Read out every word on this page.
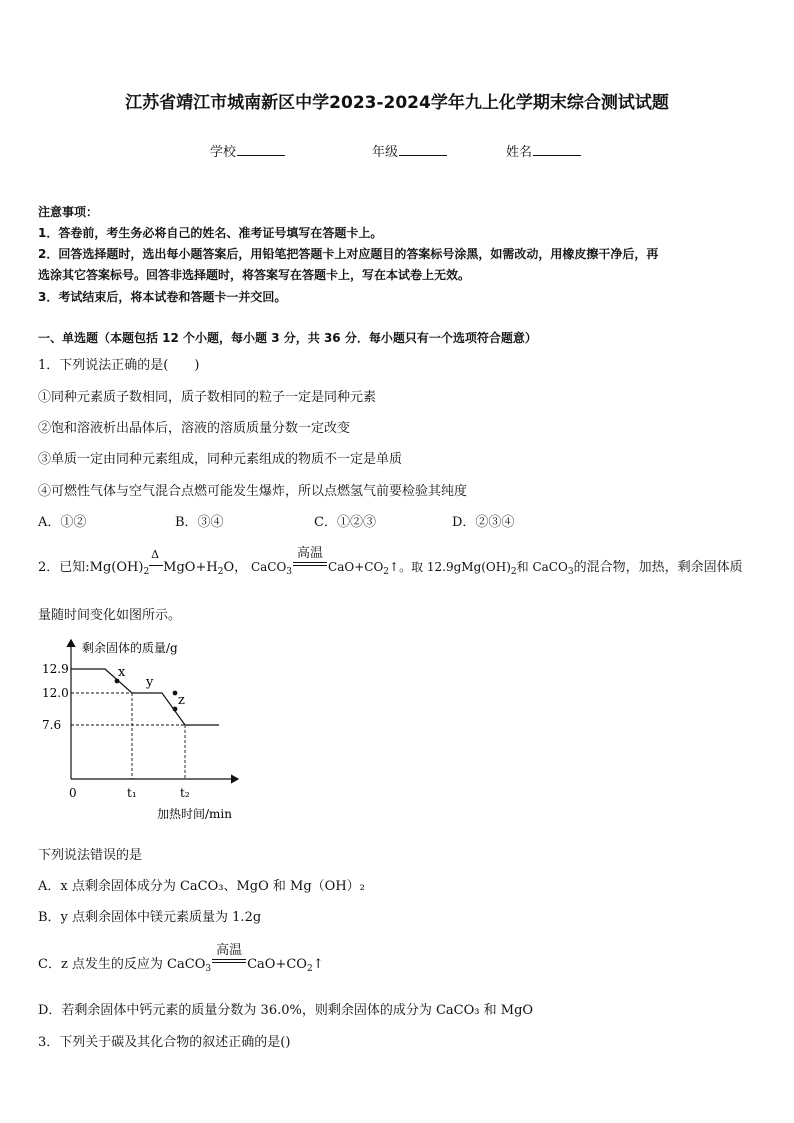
江苏省靖江市城南新区中学2023-2024学年九上化学期末综合测试试题
学校	年级	姓名
注意事项：
1．答卷前，考生务必将自己的姓名、准考证号填写在答题卡上。
2．回答选择题时，选出每小题答案后，用铅笔把答题卡上对应题目的答案标号涂黑，如需改动，用橡皮擦干净后，再
选涂其它答案标号。回答非选择题时，将答案写在答题卡上，写在本试卷上无效。
3．考试结束后，将本试卷和答题卡一并交回。
一、单选题（本题包括 12 个小题，每小题 3 分，共 36 分．每小题只有一个选项符合题意）
1．下列说法正确的是(　　)
①同种元素质子数相同，质子数相同的粒子一定是同种元素
②饱和溶液析出晶体后，溶液的溶质质量分数一定改变
③单质一定由同种元素组成，同种元素组成的物质不一定是单质
④可燃性气体与空气混合点燃可能发生爆炸，所以点燃氢气前要检验其纯度
A．①②	B．③④	C．①②③	D．②③④
2．已知$:Mg(OH)_2$
Δ
$MgO+H_2O$， CaCO$_3$
高温
$CaO+CO_2↑$。取 $12.9gMg(OH)_2$和 CaCO$_3$的混合物，加热，剩余固体质
量随时间变化如图所示。
剩余固体的质量/g
加热时间/min
0
12.9
12.0
7.6
x
y
z
t₁	t₂
下列说法错误的是
A．x 点剩余固体成分为 CaCO₃、MgO 和 Mg（OH）₂
B．y 点剩余固体中镁元素质量为 1.2g
C．z 点发生的反应为 CaCO$_3$
高温
$CaO+CO_2↑$
D．若剩余固体中钙元素的质量分数为 36.0%，则剩余固体的成分为 CaCO₃ 和 MgO
3．下列关于碳及其化合物的叙述正确的是()
